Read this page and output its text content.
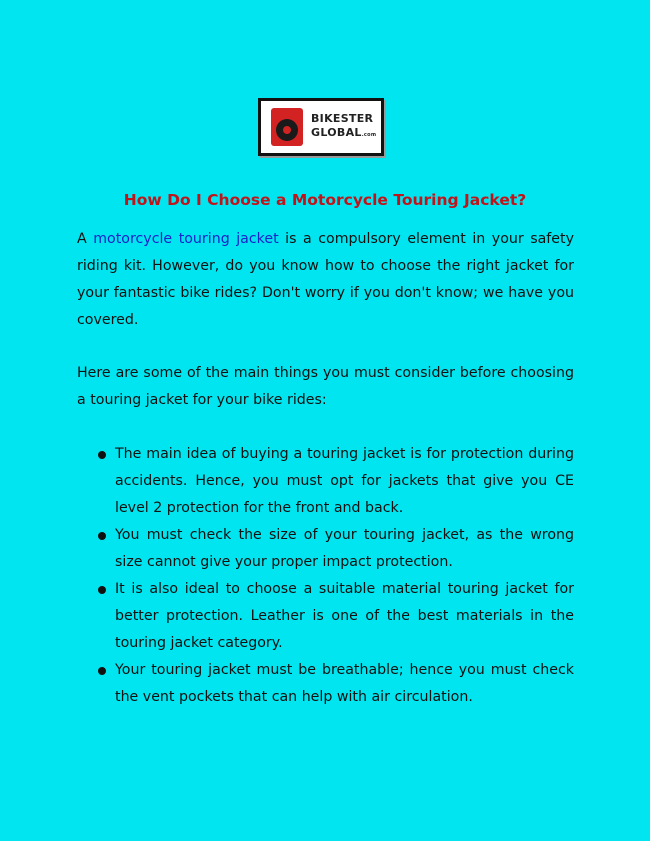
BIKESTER
GLOBAL.com
How Do I Choose a Motorcycle Touring Jacket?

A motorcycle touring jacket is a compulsory element in your safety riding kit. However, do you know how to choose the right jacket for your fantastic bike rides? Don't worry if you don't know; we have you covered.

Here are some of the main things you must consider before choosing a touring jacket for your bike rides:

The main idea of buying a touring jacket is for protection during accidents. Hence, you must opt for jackets that give you CE level 2 protection for the front and back.
You must check the size of your touring jacket, as the wrong size cannot give your proper impact protection.
It is also ideal to choose a suitable material touring jacket for better protection. Leather is one of the best materials in the touring jacket category.
Your touring jacket must be breathable; hence you must check the vent pockets that can help with air circulation.
